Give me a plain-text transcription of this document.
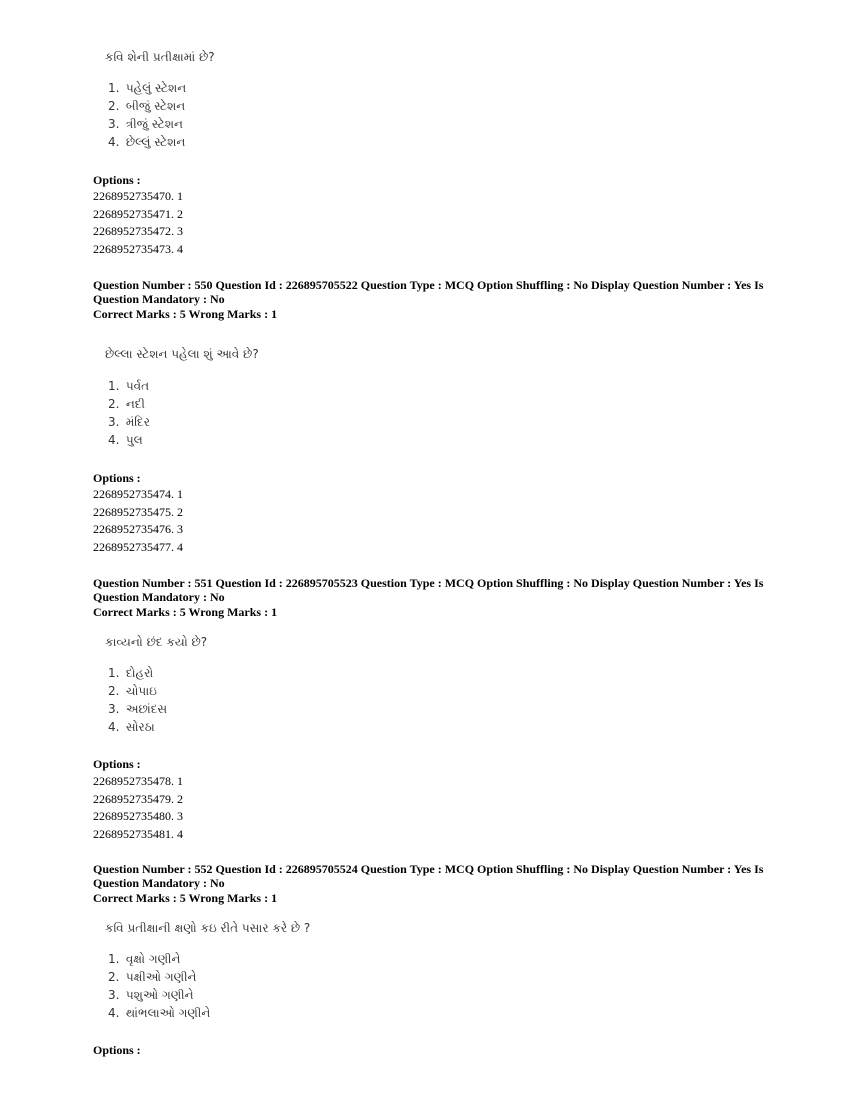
કવિ શેની પ્રતીક્ષામાં છે?
1. પહેલું સ્ટેશન
2. બીજું સ્ટેશન
3. ત્રીજું સ્ટેશન
4. છેલ્લું સ્ટેશન
Options :
2268952735470. 1
2268952735471. 2
2268952735472. 3
2268952735473. 4
Question Number : 550 Question Id : 226895705522 Question Type : MCQ Option Shuffling : No Display Question Number : Yes Is Question Mandatory : No
Correct Marks : 5 Wrong Marks : 1
છેલ્લા સ્ટેશન પહેલા શું આવે છે?
1. પર્વત
2. નદી
3. મંદિર
4. પુલ
Options :
2268952735474. 1
2268952735475. 2
2268952735476. 3
2268952735477. 4
Question Number : 551 Question Id : 226895705523 Question Type : MCQ Option Shuffling : No Display Question Number : Yes Is Question Mandatory : No
Correct Marks : 5 Wrong Marks : 1
કાવ્યનો છંદ કયો છે?
1. દોહરો
2. ચોપાઇ
3. અછાંદસ
4. સોરઠા
Options :
2268952735478. 1
2268952735479. 2
2268952735480. 3
2268952735481. 4
Question Number : 552 Question Id : 226895705524 Question Type : MCQ Option Shuffling : No Display Question Number : Yes Is Question Mandatory : No
Correct Marks : 5 Wrong Marks : 1
કવિ પ્રતીક્ષાની ક્ષણો કઇ રીતે પસાર કરે છે ?
1. વૃક્ષો ગણીને
2. પક્ષીઓ ગણીને
3. પશુઓ ગણીને
4. થાંભલાઓ ગણીને
Options :
